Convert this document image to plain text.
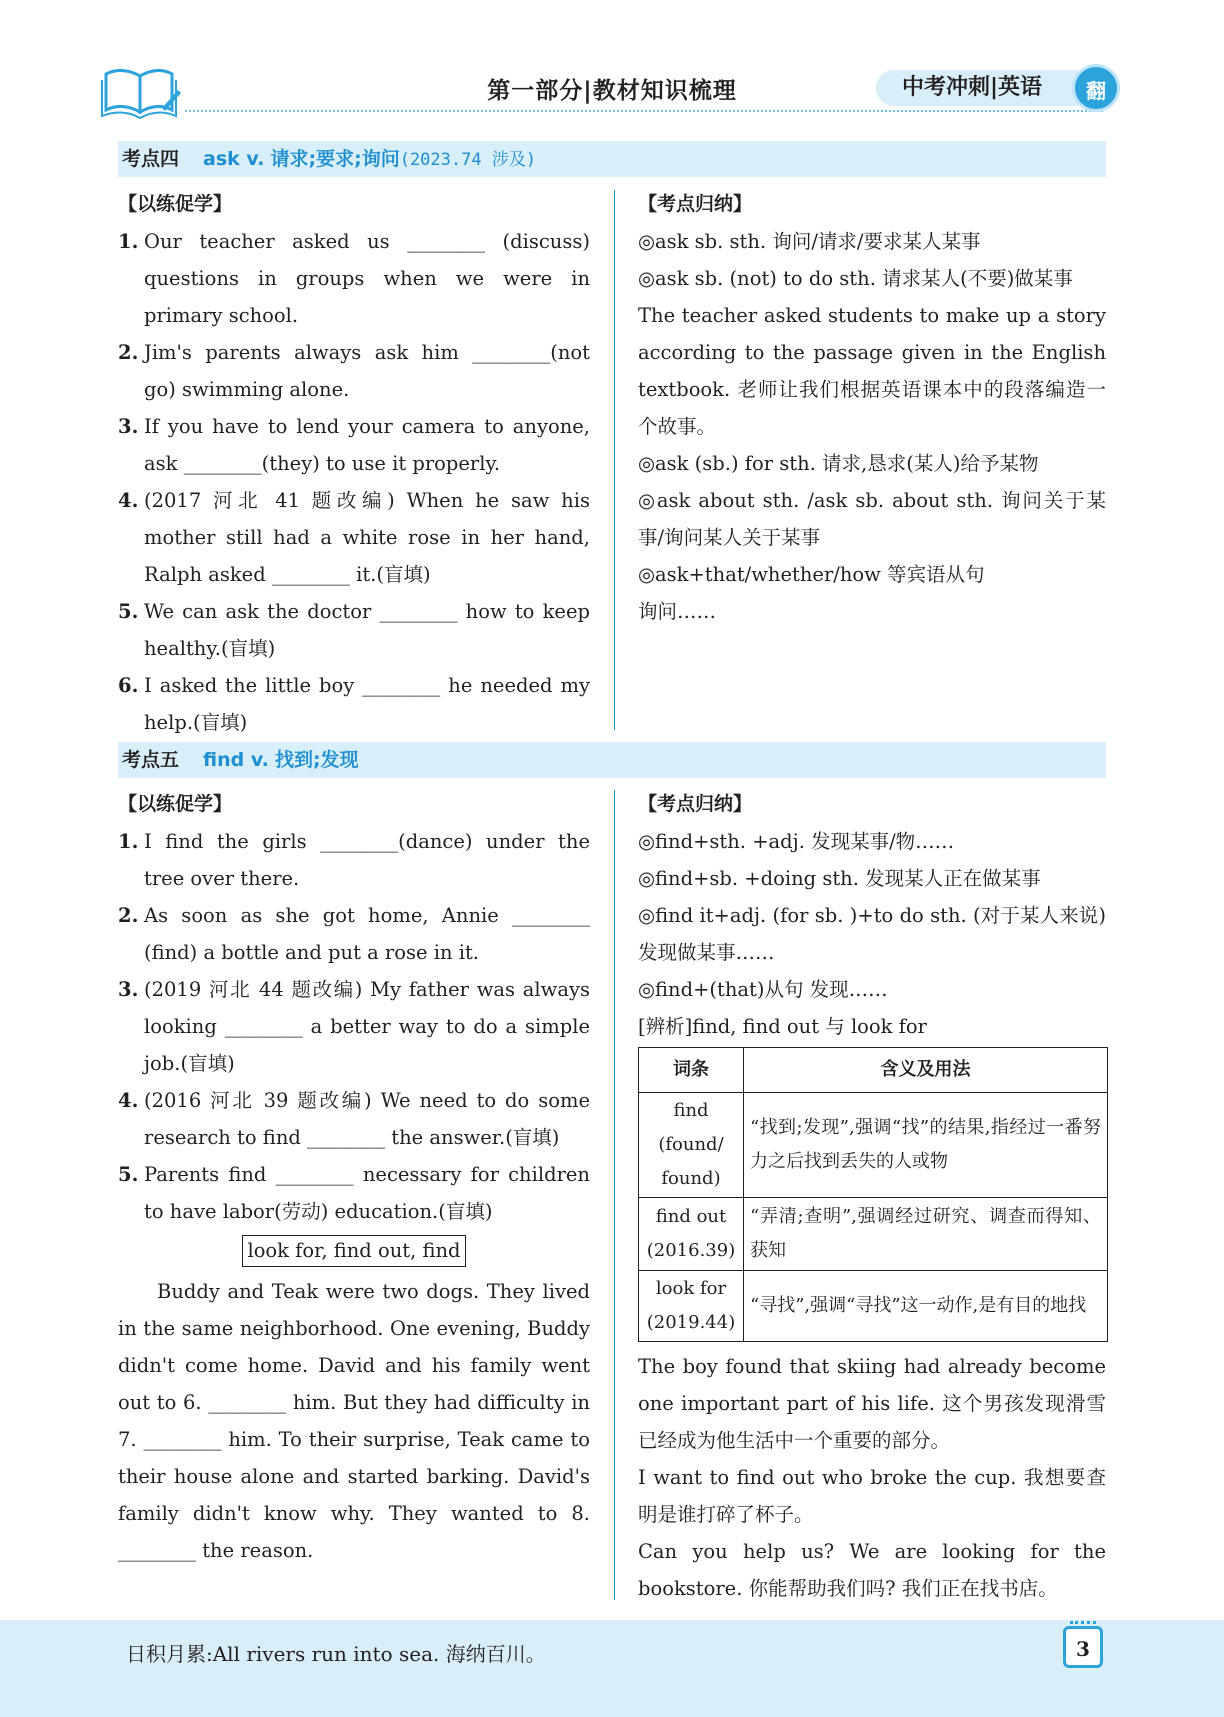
第一部分|教材知识梳理	中考冲刺|英语	翻
考点四 ask v. 请求;要求;询问(2023.74 涉及)
【以练促学】
1. Our teacher asked us ________ (discuss) questions in groups when we were in primary school.
2. Jim's parents always ask him ________(not go) swimming alone.
3. If you have to lend your camera to anyone, ask ________(they) to use it properly.
4. (2017 河北 41 题改编) When he saw his mother still had a white rose in her hand, Ralph asked ________ it.(盲填)
5. We can ask the doctor ________ how to keep healthy.(盲填)
6. I asked the little boy ________ he needed my help.(盲填)
【考点归纳】
◎ask sb. sth. 询问/请求/要求某人某事
◎ask sb. (not) to do sth. 请求某人(不要)做某事
The teacher asked students to make up a story according to the passage given in the English textbook. 老师让我们根据英语课本中的段落编造一个故事。
◎ask (sb.) for sth. 请求,恳求(某人)给予某物
◎ask about sth. /ask sb. about sth. 询问关于某事/询问某人关于某事
◎ask+that/whether/how 等宾语从句
询问……
考点五 find v. 找到;发现
【以练促学】
1. I find the girls ________(dance) under the tree over there.
2. As soon as she got home, Annie ________ (find) a bottle and put a rose in it.
3. (2019 河北 44 题改编) My father was always looking ________ a better way to do a simple job.(盲填)
4. (2016 河北 39 题改编) We need to do some research to find ________ the answer.(盲填)
5. Parents find ________ necessary for children to have labor(劳动) education.(盲填)
look for, find out, find
Buddy and Teak were two dogs. They lived in the same neighborhood. One evening, Buddy didn't come home. David and his family went out to 6. ________ him. But they had difficulty in 7. ________ him. To their surprise, Teak came to their house alone and started barking. David's family didn't know why. They wanted to 8. ________ the reason.
【考点归纳】
◎find+sth. +adj. 发现某事/物……
◎find+sb. +doing sth. 发现某人正在做某事
◎find it+adj. (for sb. )+to do sth. (对于某人来说)发现做某事……
◎find+(that)从句 发现……
[辨析]find, find out 与 look for
词条	含义及用法
find (found/ found)	“找到;发现”,强调“找”的结果,指经过一番努力之后找到丢失的人或物
find out (2016.39)	“弄清;查明”,强调经过研究、调查而得知、获知
look for (2019.44)	“寻找”,强调“寻找”这一动作,是有目的地找
The boy found that skiing had already become one important part of his life. 这个男孩发现滑雪已经成为他生活中一个重要的部分。
I want to find out who broke the cup. 我想要查明是谁打碎了杯子。
Can you help us? We are looking for the bookstore. 你能帮助我们吗? 我们正在找书店。
日积月累:All rivers run into sea. 海纳百川。	3
